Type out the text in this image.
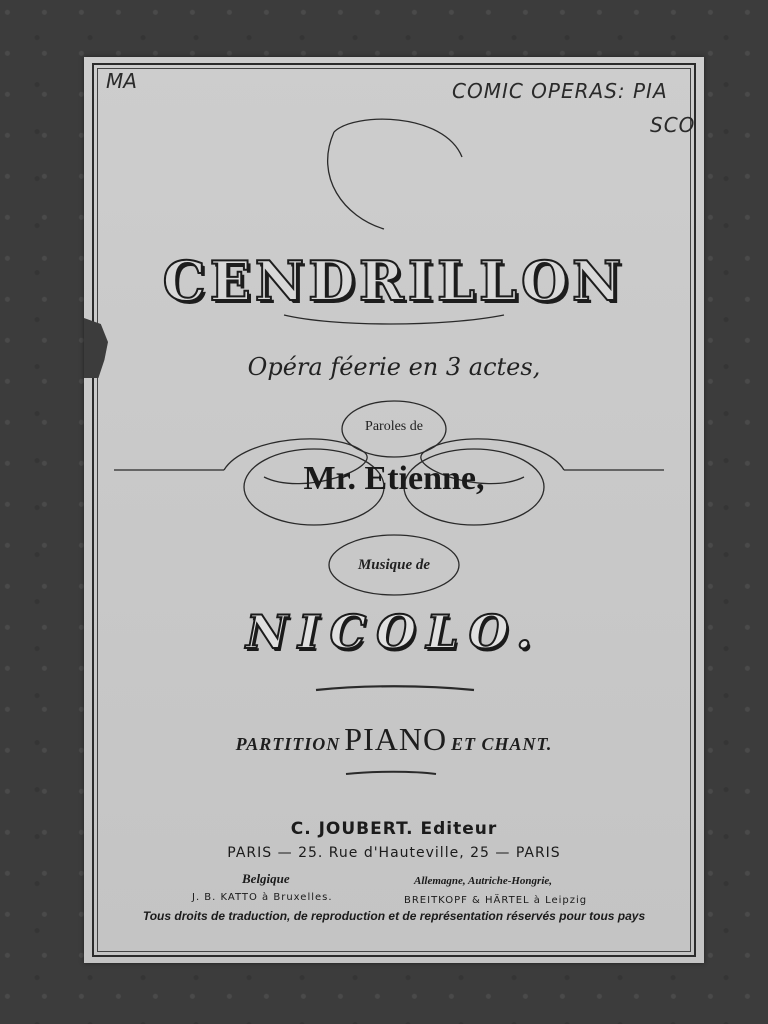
MA	COMIC OPERAS: PIA
SCO
CENDRILLON
Opéra féerie en 3 actes,
Paroles de
Mr. Etienne,
Musique de
NICOLO.
PARTITION PIANO ET CHANT.
C. JOUBERT. Editeur
PARIS — 25. Rue d'Hauteville, 25 — PARIS
Belgique
J. B. KATTO à Bruxelles.
Allemagne, Autriche-Hongrie,
BREITKOPF & HÄRTEL à Leipzig
Tous droits de traduction, de reproduction et de représentation réservés pour tous pays
